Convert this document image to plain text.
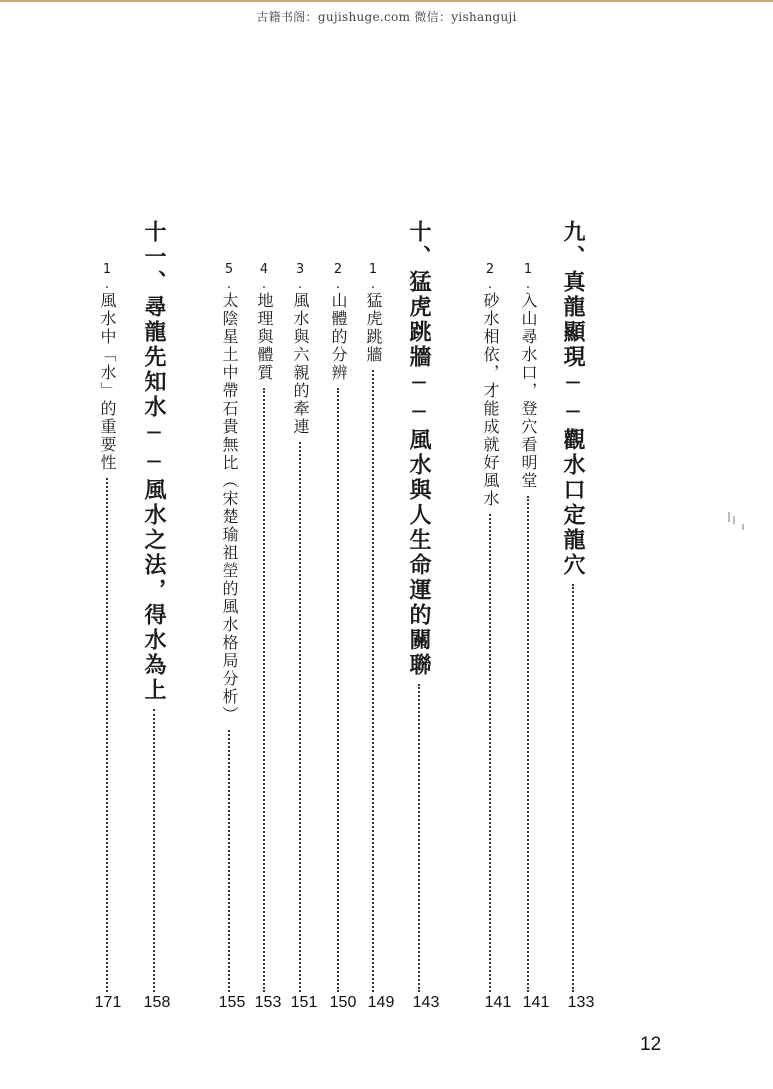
古籍书阁：gujishuge.com 微信：yishanguji
九、
真龍顯現──觀水口定龍穴
133
1.
入山尋水口，登穴看明堂
141
2.
砂水相依，才能成就好風水
141
十、
猛虎跳牆──風水與人生命運的關聯
143
1.
猛虎跳牆
149
2.
山體的分辨
150
3.
風水與六親的牽連
151
4.
地理與體質
153
5.
太陰星土中帶石貴無比（宋楚瑜祖塋的風水格局分析）
155
十一、
尋龍先知水──風水之法，得水為上
158
1.
風水中「水」的重要性
171
12
